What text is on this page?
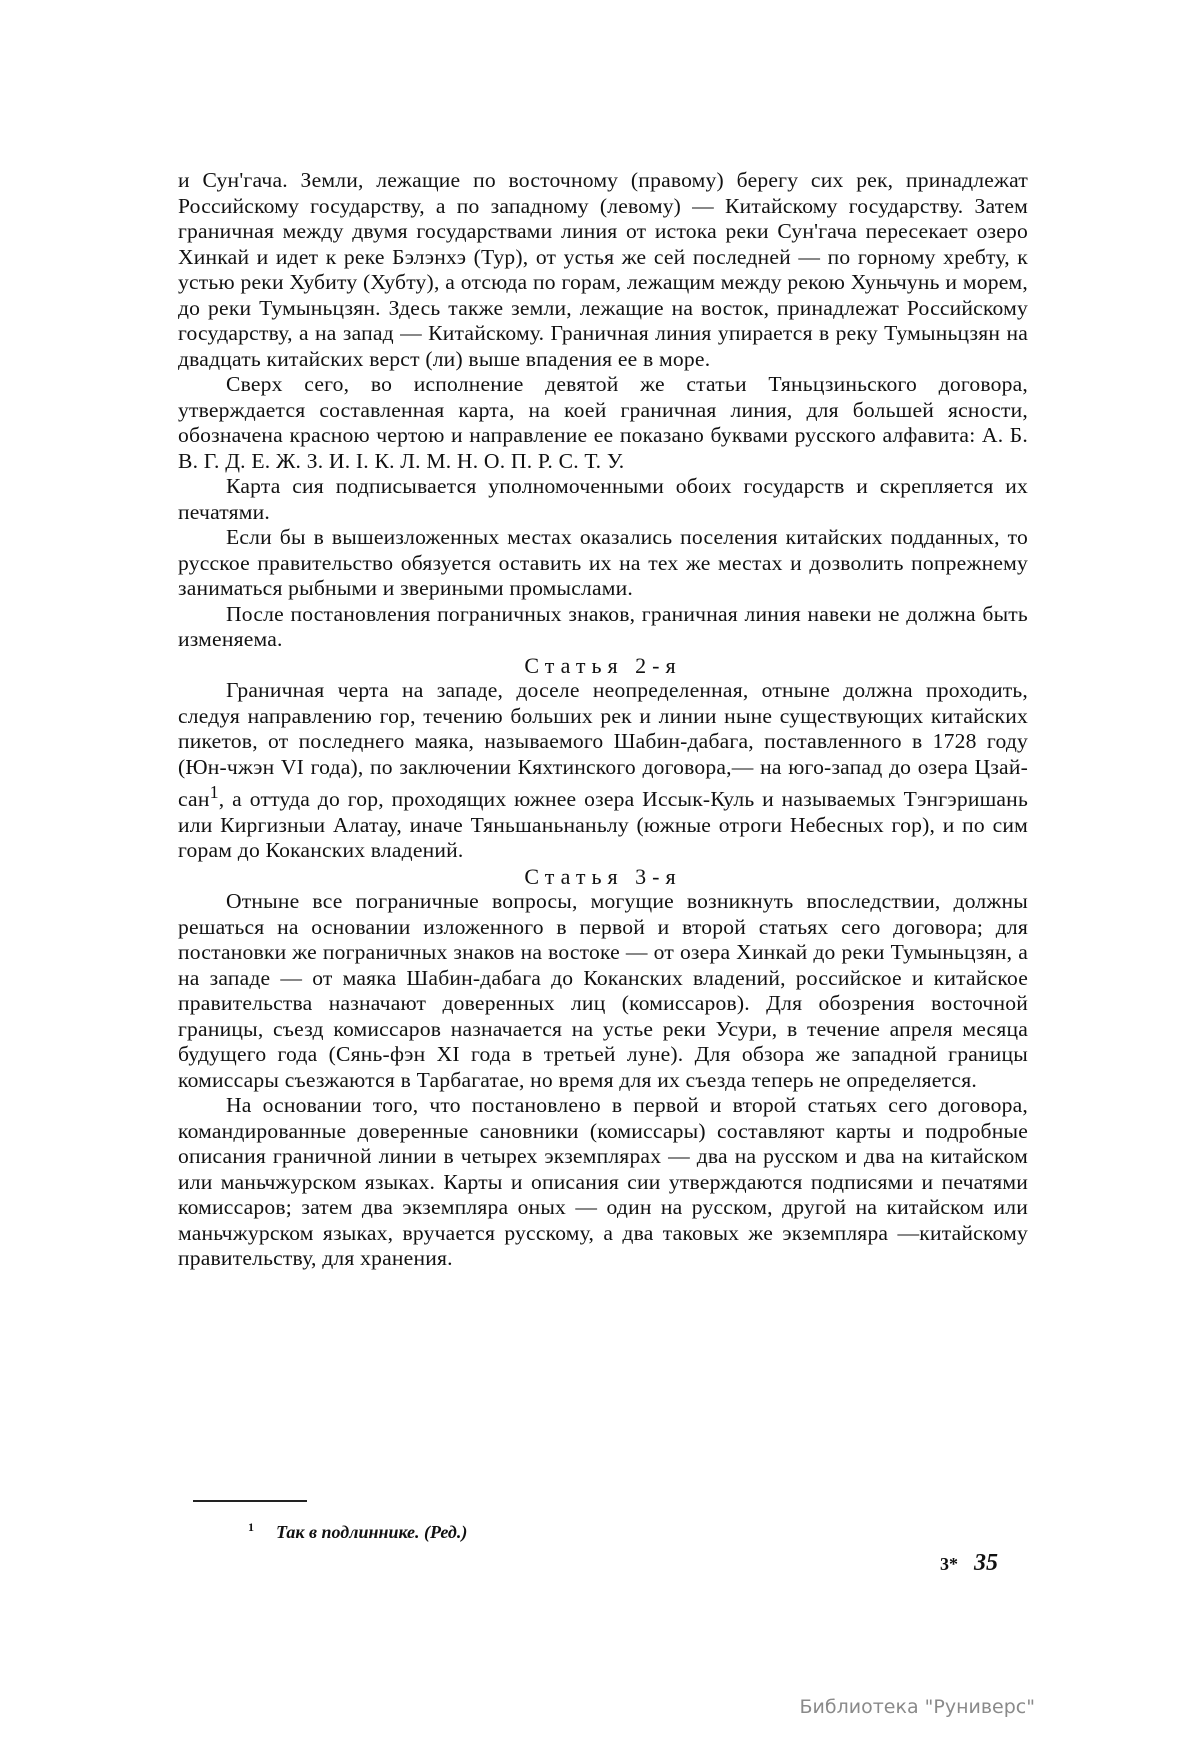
и Сун'гача. Земли, лежащие по восточному (правому) берегу сих рек, принадлежат Российскому государству, а по западному (левому) — Китайскому государству. Затем граничная между двумя государствами линия от истока реки Сун'гача пересекает озеро Хинкай и идет к реке Бэлэнхэ (Тур), от устья же сей последней — по горному хребту, к устью реки Хубиту (Хубту), а отсюда по горам, лежащим между рекою Хуньчунь и морем, до реки Тумыньцзян. Здесь также земли, лежащие на восток, принадлежат Российскому государству, а на запад — Китайскому. Граничная линия упирается в реку Тумыньцзян на двадцать китайских верст (ли) выше впадения ее в море.

Сверх сего, во исполнение девятой же статьи Тяньцзиньского договора, утверждается составленная карта, на коей граничная линия, для большей ясности, обозначена красною чертою и направление ее показано буквами русского алфавита: А. Б. В. Г. Д. Е. Ж. З. И. І. К. Л. М. Н. О. П. Р. С. Т. У.

Карта сия подписывается уполномоченными обоих государств и скрепляется их печатями.

Если бы в вышеизложенных местах оказались поселения китайских подданных, то русское правительство обязуется оставить их на тех же местах и дозволить попрежнему заниматься рыбными и звериными промыслами.

После постановления пограничных знаков, граничная линия навеки не должна быть изменяема.

Статья 2-я

Граничная черта на западе, доселе неопределенная, отныне должна проходить, следуя направлению гор, течению больших рек и линии ныне существующих китайских пикетов, от последнего маяка, называемого Шабин-дабага, поставленного в 1728 году (Юн-чжэн VI года), по заключении Кяхтинского договора,— на юго-запад до озера Цзай-сан$^1$, а оттуда до гор, проходящих южнее озера Иссык-Куль и называемых Тэнгэришань или Киргизныи Алатау, иначе Тяньшаньнаньлу (южные отроги Небесных гор), и по сим горам до Коканских владений.

Статья 3-я

Отныне все пограничные вопросы, могущие возникнуть впоследствии, должны решаться на основании изложенного в первой и второй статьях сего договора; для постановки же пограничных знаков на востоке — от озера Хинкай до реки Тумыньцзян, а на западе — от маяка Шабин-дабага до Коканских владений, российское и китайское правительства назначают доверенных лиц (комиссаров). Для обозрения восточной границы, съезд комиссаров назначается на устье реки Усури, в течение апреля месяца будущего года (Сянь-фэн XI года в третьей луне). Для обзора же западной границы комиссары съезжаются в Тарбагатае, но время для их съезда теперь не определяется.

На основании того, что постановлено в первой и второй статьях сего договора, командированные доверенные сановники (комиссары) составляют карты и подробные описания граничной линии в четырех экземплярах — два на русском и два на китайском или маньчжурском языках. Карты и описания сии утверждаются подписями и печатями комиссаров; затем два экземпляра оных — один на русском, другой на китайском или маньчжурском языках, вручается русскому, а два таковых же экземпляра —китайскому правительству, для хранения.

$^1$ Так в подлиннике. (Ред.)
3* 35
Библиотека "Руниверс"
